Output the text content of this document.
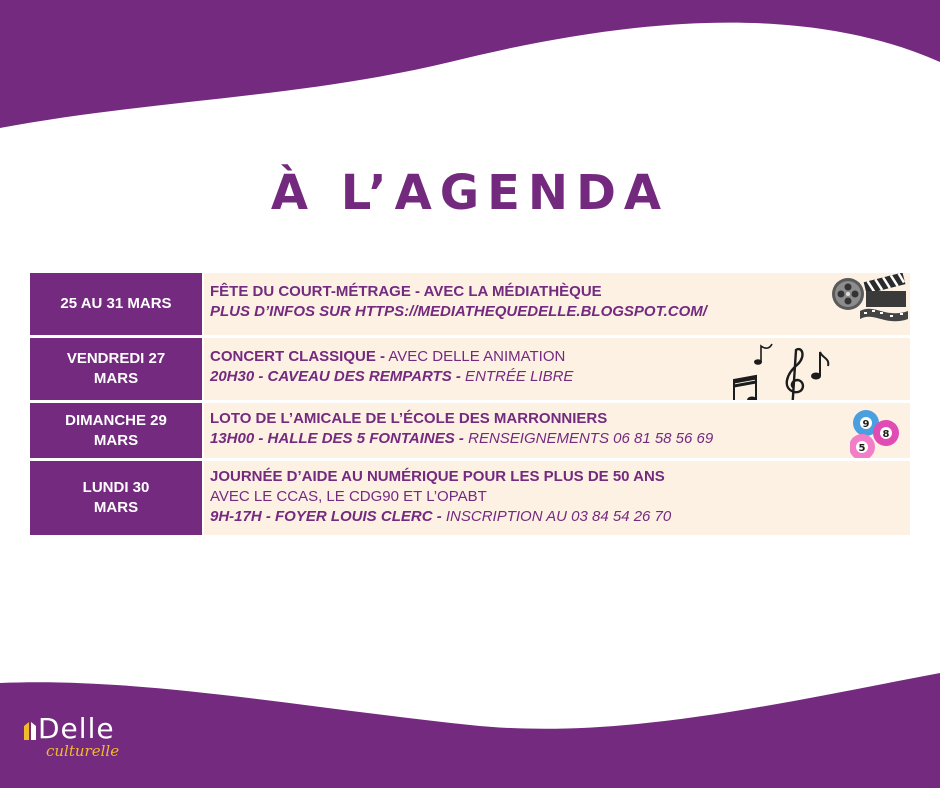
À L’AGENDA
25 AU 31 MARS
FÊTE DU COURT-MÉTRAGE - AVEC LA MÉDIATHÈQUE
PLUS D’INFOS SUR HTTPS://MEDIATHEQUEDELLE.BLOGSPOT.COM/
VENDREDI 27
MARS
CONCERT CLASSIQUE - AVEC DELLE ANIMATION
20H30 - CAVEAU DES REMPARTS - ENTRÉE LIBRE
DIMANCHE 29
MARS
LOTO DE L’AMICALE DE L’ÉCOLE DES MARRONNIERS
13H00 - HALLE DES 5 FONTAINES - RENSEIGNEMENTS 06 81 58 56 69
9
8
5
LUNDI 30
MARS
JOURNÉE D’AIDE AU NUMÉRIQUE POUR LES PLUS DE 50 ANS
AVEC LE CCAS, LE CDG90 ET L’OPABT
9H-17H - FOYER LOUIS CLERC - INSCRIPTION AU 03 84 54 26 70
Delle
culturelle
